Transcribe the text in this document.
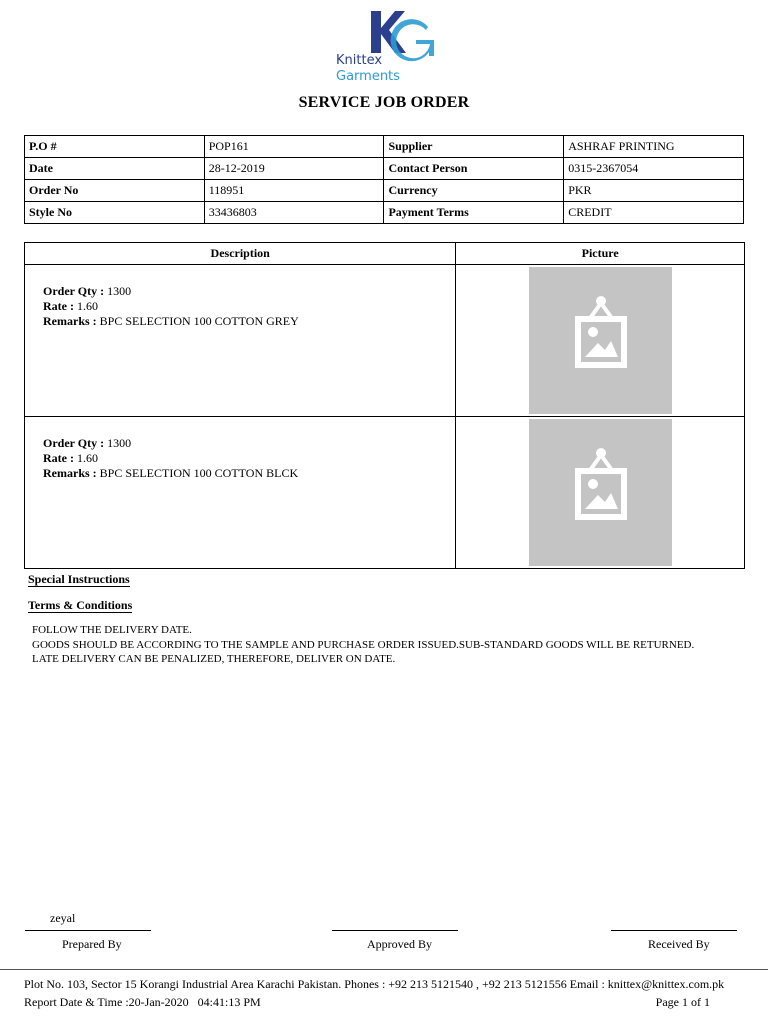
Knittex
Garments
SERVICE JOB ORDER
P.O #	POP161	Supplier	ASHRAF PRINTING
Date	28-12-2019	Contact Person	0315-2367054
Order No	118951	Currency	PKR
Style No	33436803	Payment Terms	CREDIT
Description	Picture

Order Qty : 1300
Rate : 1.60
Remarks : BPC SELECTION 100 COTTON GREY

Order Qty : 1300
Rate : 1.60
Remarks : BPC SELECTION 100 COTTON BLCK

Special Instructions
Terms & Conditions
FOLLOW THE DELIVERY DATE.
GOODS SHOULD BE ACCORDING TO THE SAMPLE AND PURCHASE ORDER ISSUED.SUB-STANDARD GOODS WILL BE RETURNED.
LATE DELIVERY CAN BE PENALIZED, THEREFORE, DELIVER ON DATE.
zeyal
Prepared By	Approved By	Received By
Plot No. 103, Sector 15 Korangi Industrial Area Karachi Pakistan. Phones : +92 213 5121540 , +92 213 5121556 Email : knittex@knittex.com.pk
Report Date & Time :20-Jan-2020   04:41:13 PM	Page 1 of 1
